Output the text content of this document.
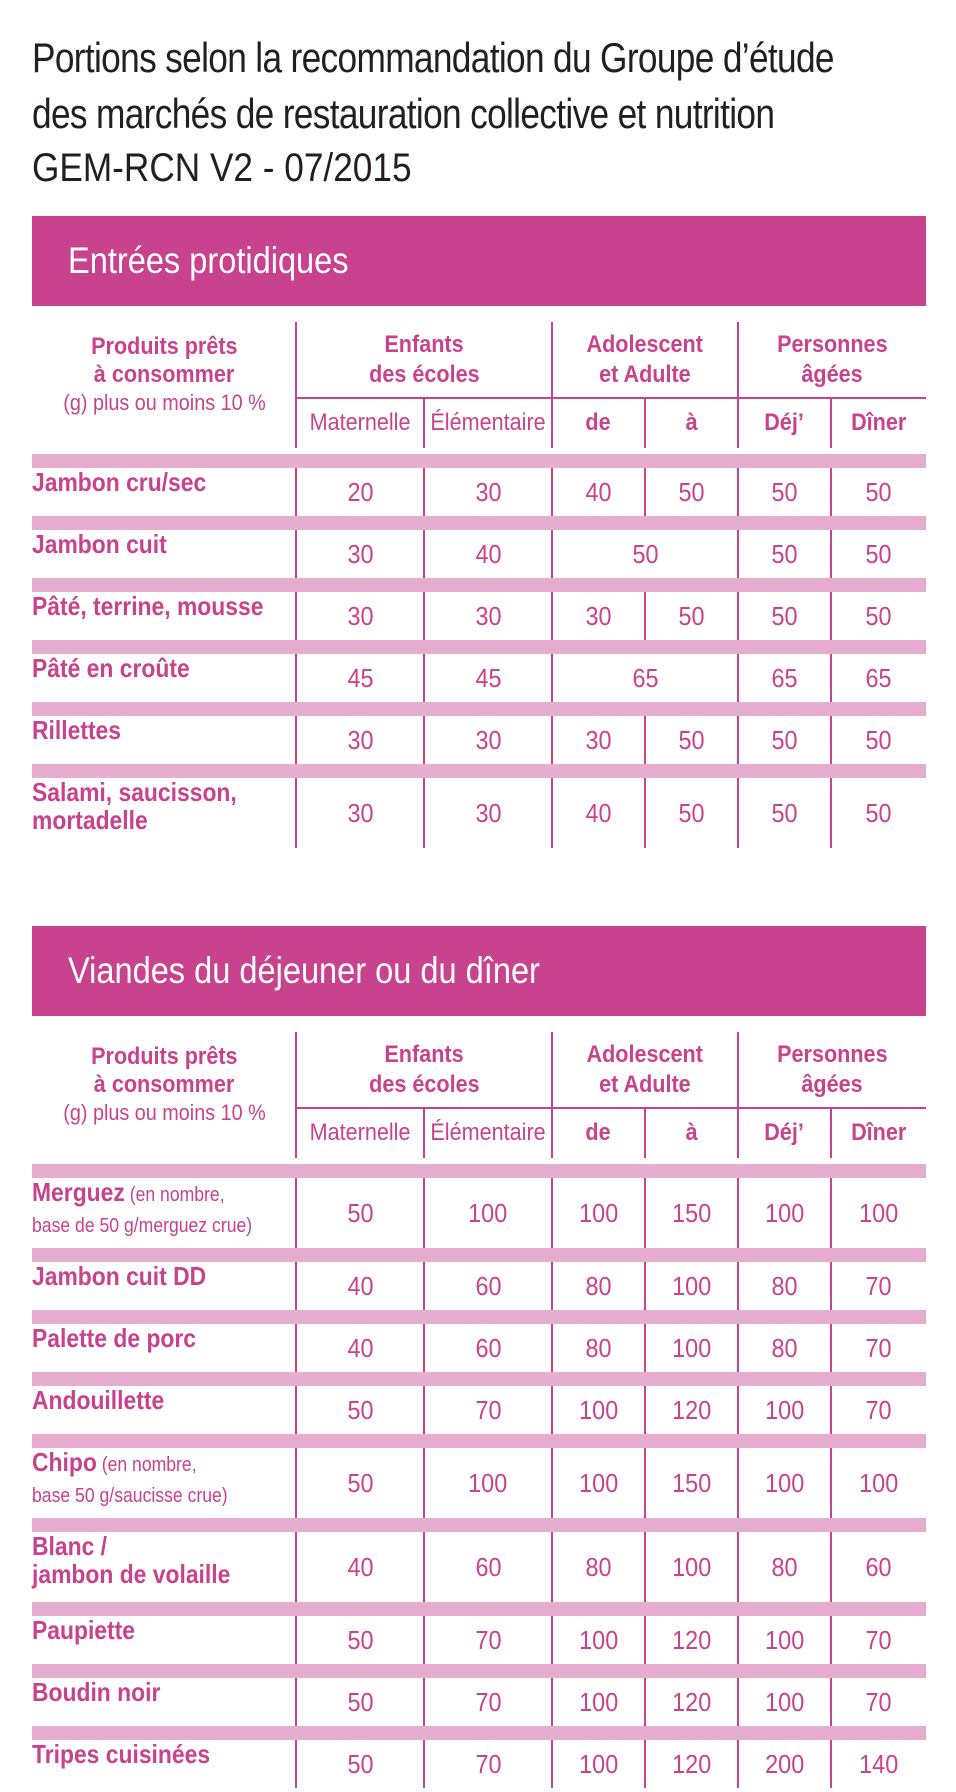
Portions selon la recommandation du Groupe d’étude
des marchés de restauration collective et nutrition
GEM-RCN V2 - 07/2015
Entrées protidiques
Produits prêts
à consommer
(g) plus ou moins 10 %
Enfants
des écoles
Adolescent
et Adulte
Personnes
âgées
Maternelle Élémentaire de	à	Déj’ Dîner
Jambon cru/sec	20	30	40	50	50	50
Jambon cuit	30	40	50	50	50
Pâté, terrine, mousse	30	30	30	50	50	50
Pâté en croûte	45	45	65	65	65
Rillettes	30	30	30	50	50	50
Salami, saucisson,
mortadelle	30	30	40	50	50	50
Viandes du déjeuner ou du dîner
Produits prêts
à consommer
(g) plus ou moins 10 %
Enfants
des écoles
Adolescent
et Adulte
Personnes
âgées
Maternelle Élémentaire de	à	Déj’ Dîner
Merguez (en nombre,
base de 50 g/merguez crue)	50	100	100 150 100 100
Jambon cuit DD	40	60	80 100 80	70
Palette de porc	40	60	80 100 80	70
Andouillette	50	70	100 120 100 70
Chipo (en nombre,
base 50 g/saucisse crue)	50	100	100 150 100 100
Blanc /
jambon de volaille	40	60	80 100 80	60
Paupiette	50	70	100 120 100 70
Boudin noir	50	70	100 120 100 70
Tripes cuisinées	50	70	100 120 200 140
